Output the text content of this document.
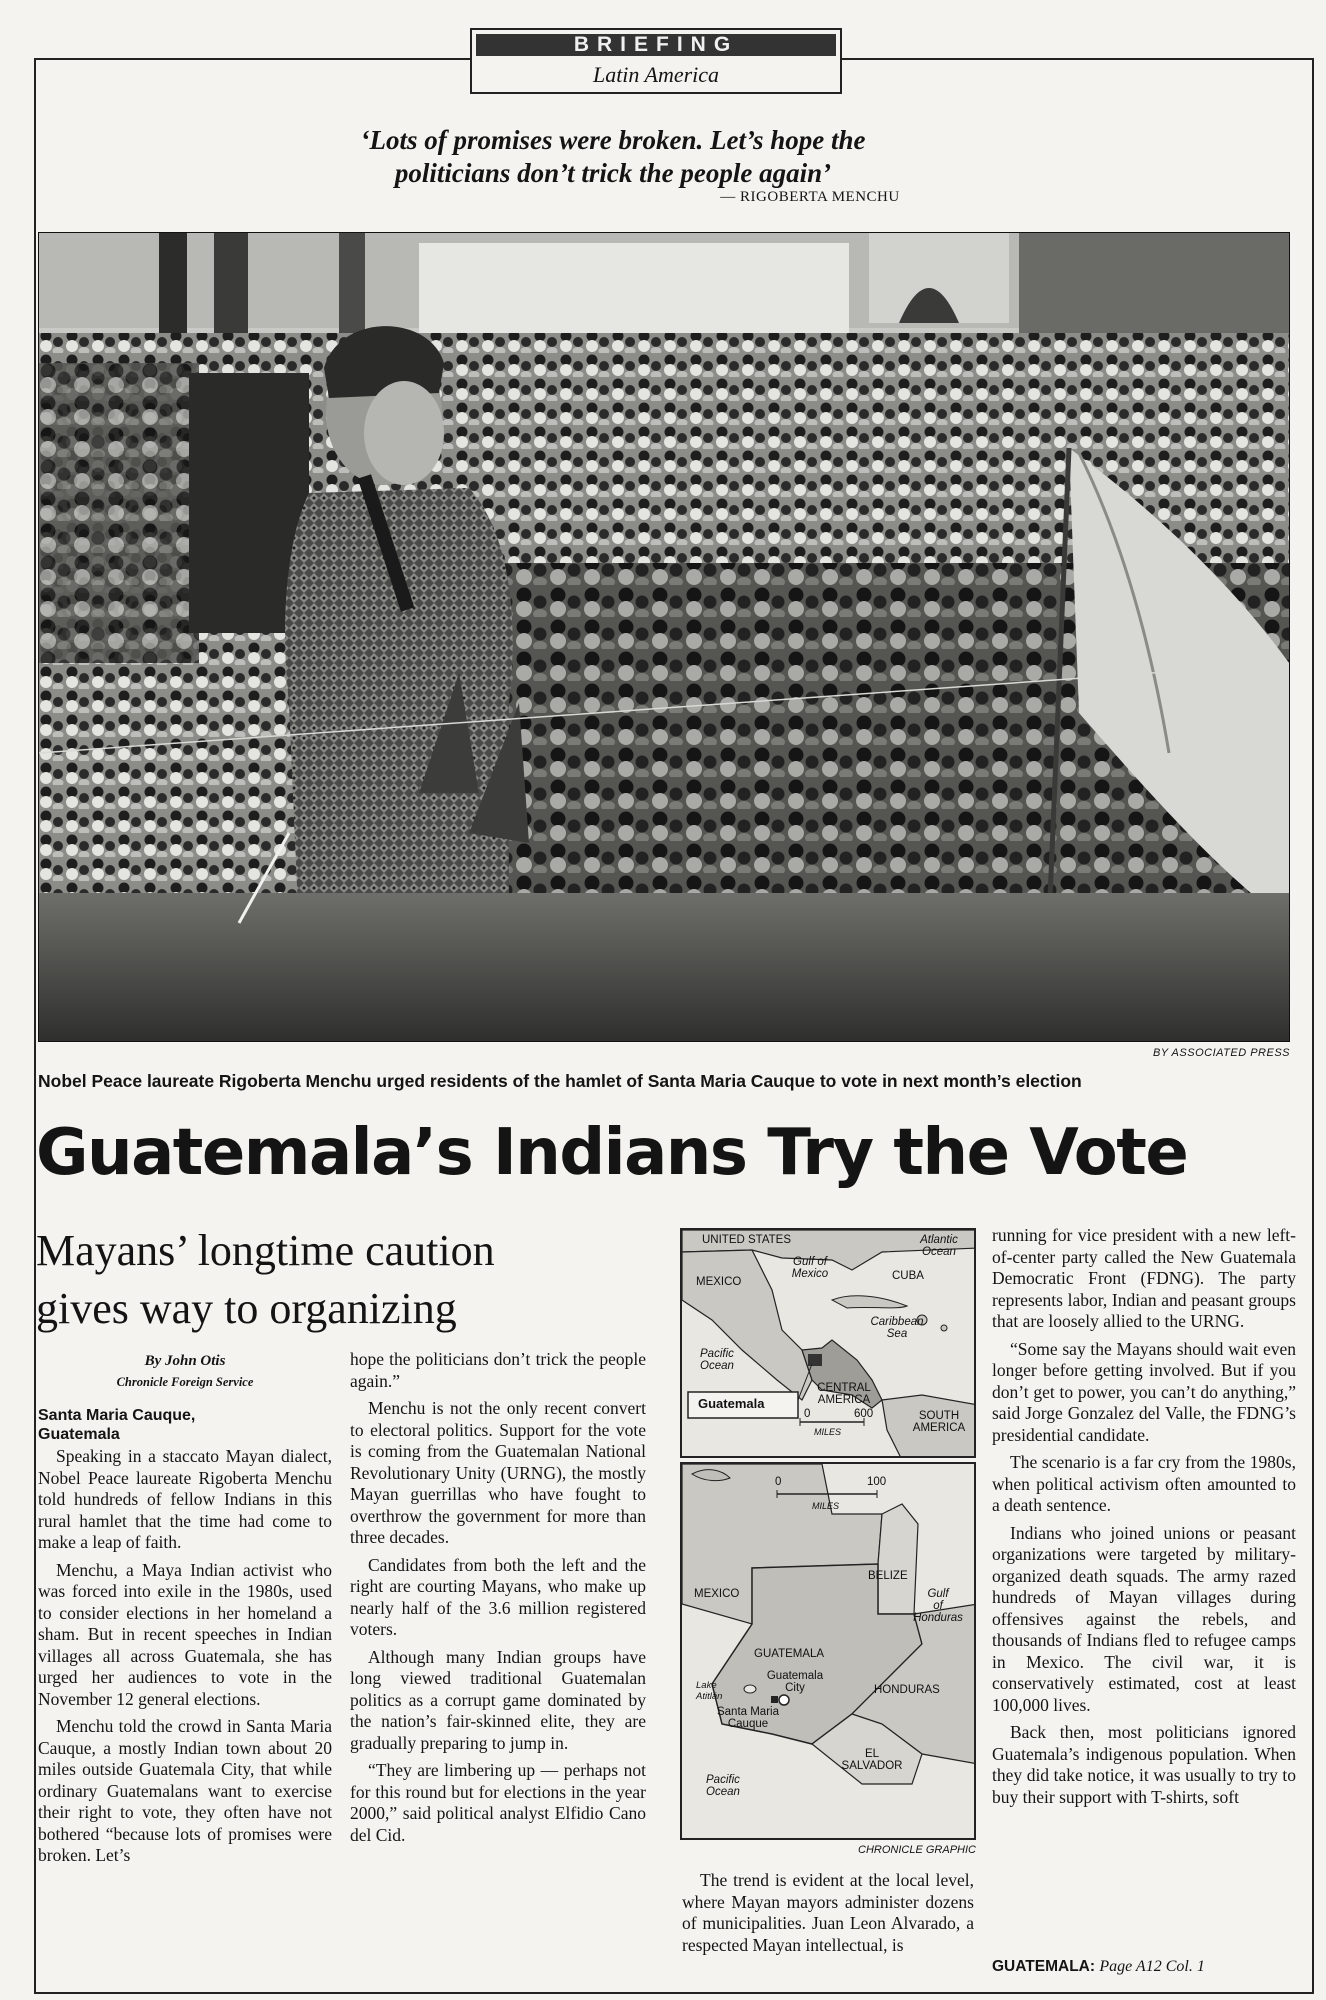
BRIEFING
Latin America
‘Lots of promises were broken. Let’s hope the
politicians don’t trick the people again’
— RIGOBERTA MENCHU
BY ASSOCIATED PRESS
Nobel Peace laureate Rigoberta Menchu urged residents of the hamlet of Santa Maria Cauque to vote in next month’s election
Guatemala’s Indians Try the Vote
Mayans’ longtime caution
gives way to organizing
By John Otis
Chronicle Foreign Service
Santa Maria Cauque,
Guatemala

Speaking in a staccato Mayan dialect, Nobel Peace laureate Rigoberta Menchu told hundreds of fellow Indians in this rural hamlet that the time had come to make a leap of faith.

Menchu, a Maya Indian activist who was forced into exile in the 1980s, used to consider elections in her homeland a sham. But in recent speeches in Indian villages all across Guatemala, she has urged her audiences to vote in the November 12 general elections.

Menchu told the crowd in Santa Maria Cauque, a mostly Indian town about 20 miles outside Guatemala City, that while ordinary Guatemalans want to exercise their right to vote, they often have not bothered “because lots of promises were broken. Let’s

hope the politicians don’t trick the people again.”

Menchu is not the only recent convert to electoral politics. Support for the vote is coming from the Guatemalan National Revolutionary Unity (URNG), the mostly Mayan guerrillas who have fought to overthrow the government for more than three decades.

Candidates from both the left and the right are courting Mayans, who make up nearly half of the 3.6 million registered voters.

Although many Indian groups have long viewed traditional Guatemalan politics as a corrupt game dominated by the nation’s fair-skinned elite, they are gradually preparing to jump in.

“They are limbering up — perhaps not for this round but for elections in the year 2000,” said political analyst Elfidio Cano del Cid.

UNITED STATES	Atlantic
Ocean
Gulf of
Mexico
MEXICO	CUBA
Caribbean
Sea
Pacific
Ocean
CENTRAL
AMERICA
Guatemala
0	600
MILES
SOUTH
AMERICA
0	100
MILES
MEXICO
BELIZE
Gulf
of
Honduras
GUATEMALA
Guatemala
City	HONDURAS
Lake
Atitlán
Santa Maria
Cauque
EL
SALVADOR
Pacific
Ocean
CHRONICLE GRAPHIC

The trend is evident at the local level, where Mayan mayors administer dozens of municipalities. Juan Leon Alvarado, a respected Mayan intellectual, is

running for vice president with a new left-of-center party called the New Guatemala Democratic Front (FDNG). The party represents labor, Indian and peasant groups that are loosely allied to the URNG.

“Some say the Mayans should wait even longer before getting involved. But if you don’t get to power, you can’t do anything,” said Jorge Gonzalez del Valle, the FDNG’s presidential candidate.

The scenario is a far cry from the 1980s, when political activism often amounted to a death sentence.

Indians who joined unions or peasant organizations were targeted by military-organized death squads. The army razed hundreds of Mayan villages during offensives against the rebels, and thousands of Indians fled to refugee camps in Mexico. The civil war, it is conservatively estimated, cost at least 100,000 lives.

Back then, most politicians ignored Guatemala’s indigenous population. When they did take notice, it was usually to try to buy their support with T-shirts, soft

GUATEMALA: Page A12 Col. 1
